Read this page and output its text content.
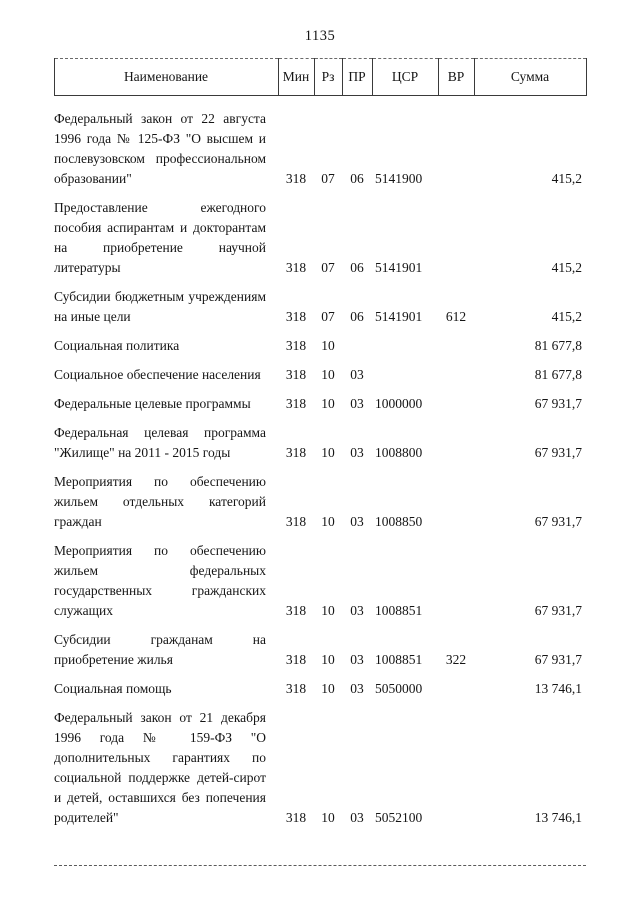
1135
Наименование	Мин	Рз	ПР	ЦСР	ВР	Сумма
Федеральный закон от 22 августа 1996 года № 125-ФЗ "О высшем и послевузовском профессиональном образовании"	318	07	06	5141900		415,2
Предоставление ежегодного пособия аспирантам и докторантам на приобретение научной литературы	318	07	06	5141901		415,2
Субсидии бюджетным учреждениям на иные цели	318	07	06	5141901	612	415,2
Социальная политика	318	10				81 677,8
Социальное обеспечение населения	318	10	03			81 677,8
Федеральные целевые программы	318	10	03	1000000		67 931,7
Федеральная целевая программа "Жилище" на 2011 - 2015 годы	318	10	03	1008800		67 931,7
Мероприятия по обеспечению жильем отдельных категорий граждан	318	10	03	1008850		67 931,7
Мероприятия по обеспечению жильем федеральных государственных гражданских служащих	318	10	03	1008851		67 931,7
Субсидии гражданам на приобретение жилья	318	10	03	1008851	322	67 931,7
Социальная помощь	318	10	03	5050000		13 746,1
Федеральный закон от 21 декабря 1996 года № 159-ФЗ "О дополнительных гарантиях по социальной поддержке детей-сирот и детей, оставшихся без попечения родителей"	318	10	03	5052100		13 746,1
